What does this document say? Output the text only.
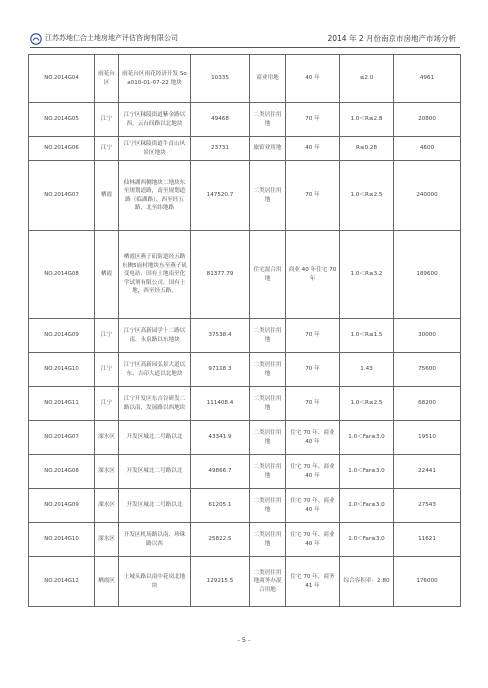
江苏苏地仁合土地房地产评估咨询有限公司	2014 年 2 月份南京市房地产市场分析
NO.2014G04	雨花台区	雨花台区雨花经济开发 Soa010-01-07-22 地块	10335	商业用地	40 年	≤2.0	4961
NO.2014G05	江宁	江宁区秣陵街道紫金路以西，云台间路以北地块	49468	二类居住用地	70 年	1.0＜R≤2.8	20800
NO.2014G06	江宁	江宁区秣陵街道牛首山风景区地块	23731	旅馆业用地	40 年	R≤0.28	4600
NO.2014G07	栖霞	仙林湖西侧地块二地块东至规划道路，南至规划道路（临湖路），西至经五路，北至纬地路	147520.7	二类居住用地	70 年	1.0＜R≤2.5	240000
NO.2014G08	栖霞	栖霞区燕子矶街道经五路东侧5庙村地块东至燕子矶变电站、国有土地南至化学试剂有限公司、国有土地，西至经五路，	81377.79	住宅混合用地	商业 40 年住宅 70 年	1.0＜R≤3.2	189600
NO.2014G09	江宁	江宁区高新园学十二路以南、永泉路以东地块	37538.4	二类居住用地	70 年	1.0＜R≤1.5	30000
NO.2014G10	江宁	江宁区高新园弘景大道以东、吉印大道以北地块	97118.3	二类居住用地	70 年	1.43	75600
NO.2014G11	江宁	江宁开发区东吉谷研发二路以南、发展路以西地块	111408.4	二类居住用地	70 年	1.0＜R≤2.5	68200
NO.2014G07	溧水区	开发区城北二号路以北	43341.9	二类居住用地	住宅 70 年、商业 40 年	1.0＜Far≤3.0	19510
NO.2014G08	溧水区	开发区城北二号路以北	49866.7	二类居住用地	住宅 70 年、商业 40 年	1.0＜Far≤3.0	22441
NO.2014G09	溧水区	开发区城北二号路以北	61205.1	二类居住用地	住宅 70 年、商业 40 年	1.0＜Far≤3.0	27543
NO.2014G10	溧水区	开发区机场路以南、珍珠路以西	25822.5	二类居住用地	住宅 70 年、商业 40 年	1.0＜Far≤3.0	11621
NO.2014G12	栖霞区	土城头路以南中花岗北地块	129215.5	二类居住用地商务办混合用地	住宅 70 年，商务 41 年	综合容积率：2.80	176000
- 5 -
